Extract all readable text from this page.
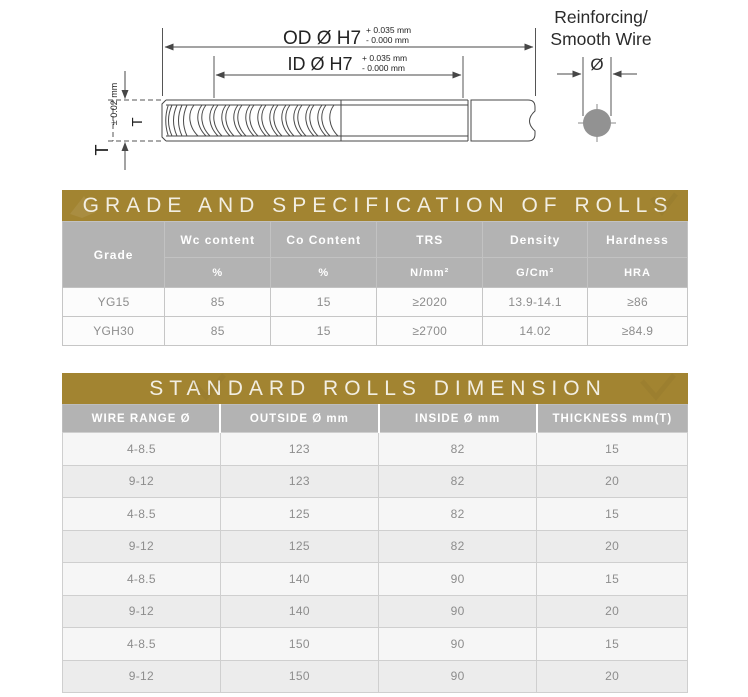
OD Ø H7 + 0.035 mm
- 0.000 mm
ID Ø H7 + 0.035 mm
- 0.000 mm
T
± 0.02 mm T
Reinforcing/
Smooth Wire
Ø
GRADE AND SPECIFICATION OF ROLLS
Grade	Wc content	Co Content	TRS	Density	Hardness
	%	%	N/mm²	G/Cm³	HRA
YG15	85	15	≥2020	13.9-14.1	≥86
YGH30	85	15	≥2700	14.02	≥84.9
STANDARD ROLLS DIMENSION
WIRE RANGE Ø	OUTSIDE Ø mm	INSIDE Ø mm	THICKNESS mm(T)
4-8.5	123	82	15
9-12	123	82	20
4-8.5	125	82	15
9-12	125	82	20
4-8.5	140	90	15
9-12	140	90	20
4-8.5	150	90	15
9-12	150	90	20
